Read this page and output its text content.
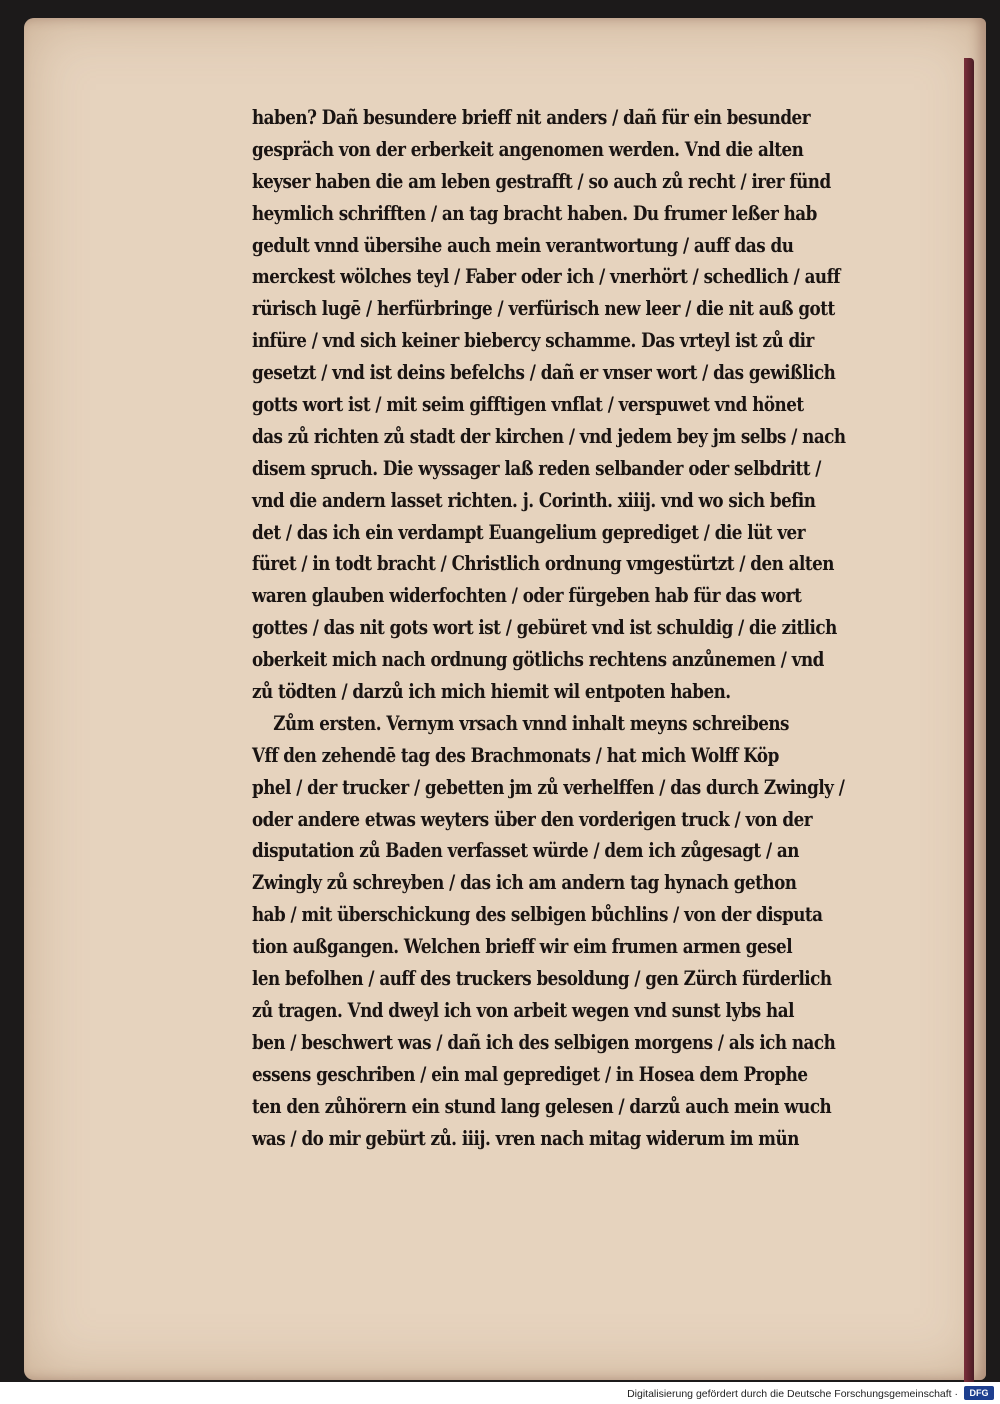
haben? Dañ besundere brieff nit anders / dañ für ein besunder
gespräch von der erberkeit angenomen werden. Vnd die alten
keyser haben die am leben gestrafft / so auch zů recht / irer fünd
heymlich schrifften / an tag bracht haben. Du frumer leßer hab
gedult vnnd übersihe auch mein verantwortung / auff das du
merckest wölches teyl / Faber oder ich / vnerhört / schedlich / auff
rürisch lugē / herfürbringe / verfürisch new leer / die nit auß gott
infüre / vnd sich keiner biebercy schamme. Das vrteyl ist zů dir
gesetzt / vnd ist deins befelchs / dañ er vnser wort / das gewißlich
gotts wort ist / mit seim gifftigen vnflat / verspuwet vnd hönet
das zů richten zů stadt der kirchen / vnd jedem bey jm selbs / nach
disem spruch. Die wyssager laß reden selbander oder selbdritt /
vnd die andern lasset richten. j. Corinth. xiiij. vnd wo sich befin
det / das ich ein verdampt Euangelium geprediget / die lüt ver
füret / in todt bracht / Christlich ordnung vmgestürtzt / den alten
waren glauben widerfochten / oder fürgeben hab für das wort
gottes / das nit gots wort ist / gebüret vnd ist schuldig / die zitlich
oberkeit mich nach ordnung götlichs rechtens anzůnemen / vnd
zů tödten / darzů ich mich hiemit wil entpoten haben.
Zům ersten. Vernym vrsach vnnd inhalt meyns schreibens
Vff den zehendē tag des Brachmonats / hat mich Wolff Köp
phel / der trucker / gebetten jm zů verhelffen / das durch Zwingly /
oder andere etwas weyters über den vorderigen truck / von der
disputation zů Baden verfasset würde / dem ich zůgesagt / an
Zwingly zů schreyben / das ich am andern tag hynach gethon
hab / mit überschickung des selbigen bůchlins / von der disputa
tion außgangen. Welchen brieff wir eim frumen armen gesel
len befolhen / auff des truckers besoldung / gen Zürch fürderlich
zů tragen. Vnd dweyl ich von arbeit wegen vnd sunst lybs hal
ben / beschwert was / dañ ich des selbigen morgens / als ich nach
essens geschriben / ein mal geprediget / in Hosea dem Prophe
ten den zůhörern ein stund lang gelesen / darzů auch mein wuch
was / do mir gebürt zů. iiij. vren nach mitag widerum im mün
Digitalisierung gefördert durch die Deutsche Forschungsgemeinschaft ·	DFG
